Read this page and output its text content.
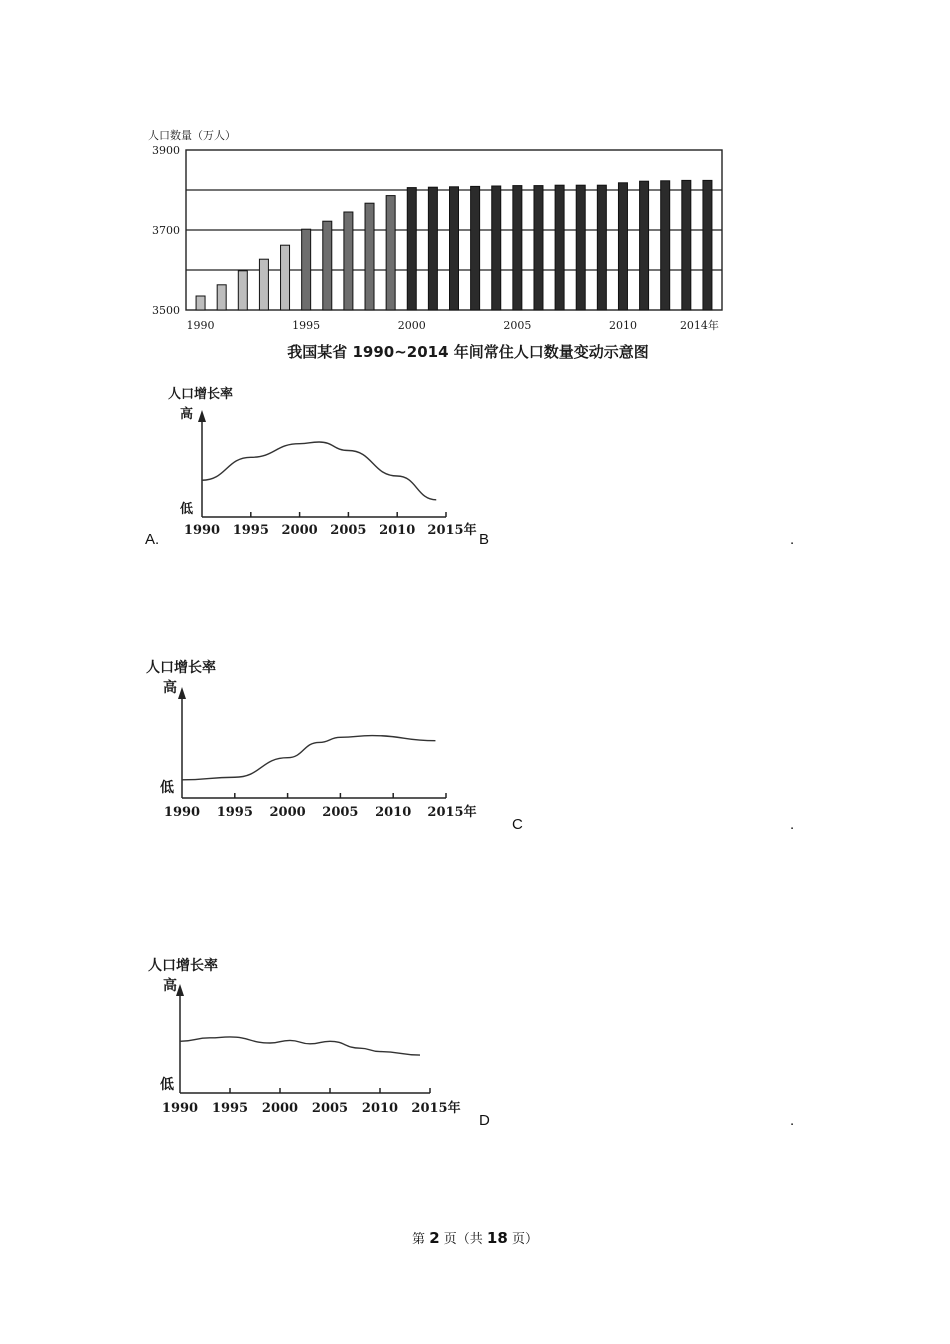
人口数量（万人）
3500
3700
3900
1990	1995	2000	2005	2010	2014年
我国某省 1990~2014 年间常住人口数量变动示意图
人口增长率
高
低
1990 1995 2000 2005 2010 2015年
A.	B	.
人口增长率
高
低
1990 1995 2000 2005 2010 2015年
C	.
人口增长率
高
低
1990 1995 2000 2005 2010 2015年
D	.
第 2 页（共 18 页）
